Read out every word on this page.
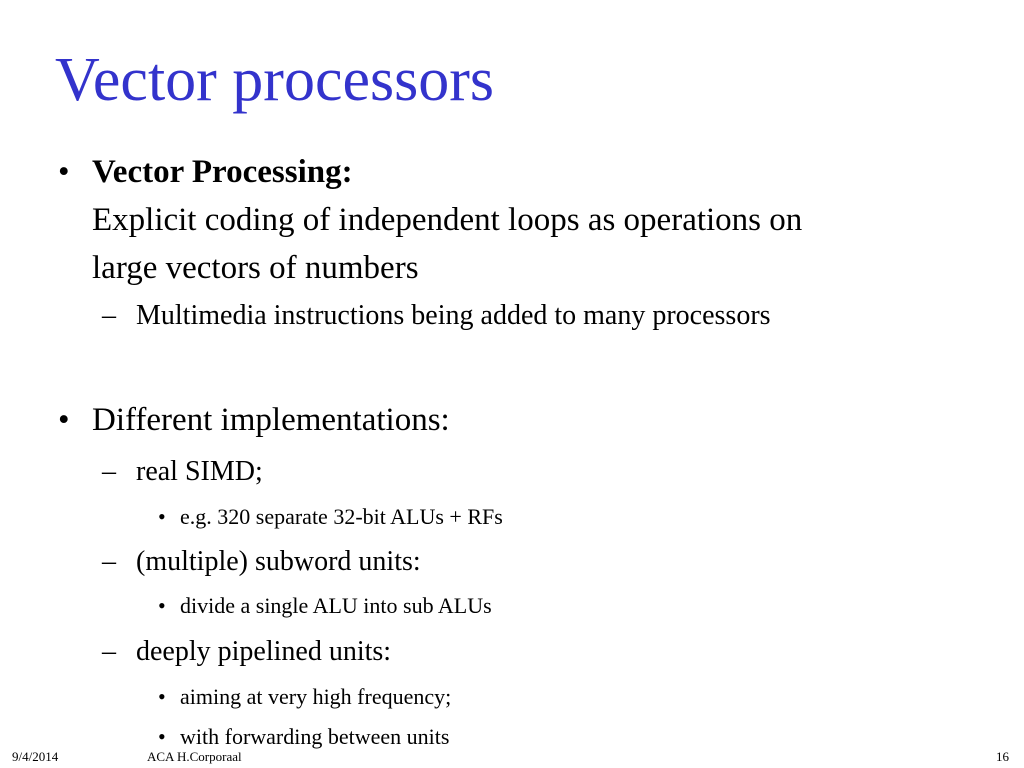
Vector processors
• Vector Processing:
Explicit coding of independent loops as operations on
large vectors of numbers
– Multimedia instructions being added to many processors
• Different implementations:
– real SIMD;
• e.g. 320 separate 32-bit ALUs + RFs
– (multiple) subword units:
• divide a single ALU into sub ALUs
– deeply pipelined units:
• aiming at very high frequency;
• with forwarding between units
9/4/2014	ACA H.Corporaal	16
